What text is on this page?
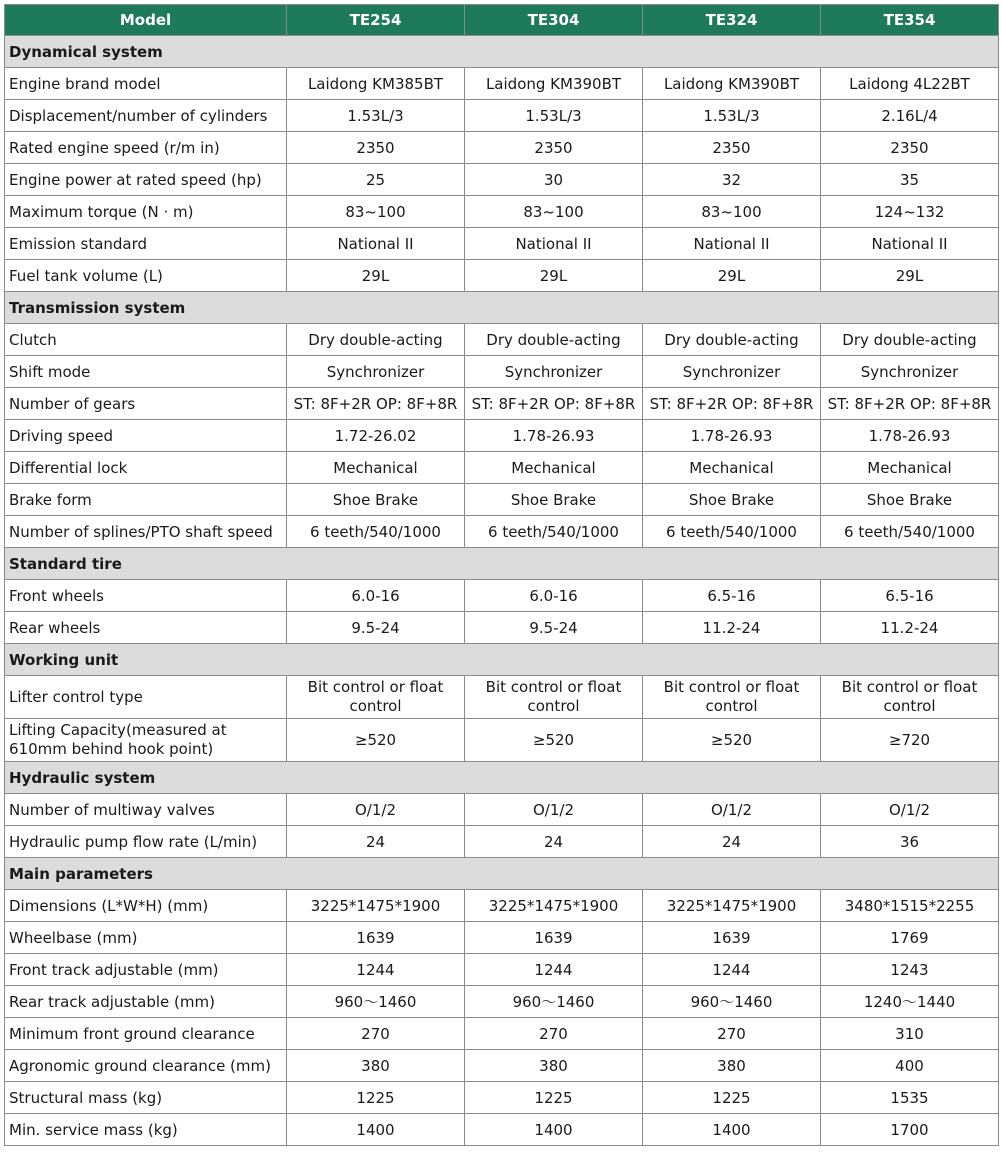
Model	TE254	TE304	TE324	TE354
Dynamical system				
Engine brand model	Laidong KM385BT	Laidong KM390BT	Laidong KM390BT	Laidong 4L22BT
Displacement/number of cylinders	1.53L/3	1.53L/3	1.53L/3	2.16L/4
Rated engine speed (r/m in)	2350	2350	2350	2350
Engine power at rated speed (hp)	25	30	32	35
Maximum torque (N · m)	83~100	83~100	83~100	124~132
Emission standard	National II	National II	National II	National II
Fuel tank volume (L)	29L	29L	29L	29L
Transmission system				
Clutch	Dry double-acting	Dry double-acting	Dry double-acting	Dry double-acting
Shift mode	Synchronizer	Synchronizer	Synchronizer	Synchronizer
Number of gears	ST: 8F+2R OP: 8F+8R	ST: 8F+2R OP: 8F+8R	ST: 8F+2R OP: 8F+8R	ST: 8F+2R OP: 8F+8R
Driving speed	1.72-26.02	1.78-26.93	1.78-26.93	1.78-26.93
Differential lock	Mechanical	Mechanical	Mechanical	Mechanical
Brake form	Shoe Brake	Shoe Brake	Shoe Brake	Shoe Brake
Number of splines/PTO shaft speed	6 teeth/540/1000	6 teeth/540/1000	6 teeth/540/1000	6 teeth/540/1000
Standard tire				
Front wheels	6.0-16	6.0-16	6.5-16	6.5-16
Rear wheels	9.5-24	9.5-24	11.2-24	11.2-24
Working unit				
Lifter control type	Bit control or float control	Bit control or float control	Bit control or float control	Bit control or float control
Lifting Capacity(measured at 610mm behind hook point)	≥520	≥520	≥520	≥720
Hydraulic system				
Number of multiway valves	O/1/2	O/1/2	O/1/2	O/1/2
Hydraulic pump flow rate (L/min)	24	24	24	36
Main parameters				
Dimensions (L*W*H) (mm)	3225*1475*1900	3225*1475*1900	3225*1475*1900	3480*1515*2255
Wheelbase (mm)	1639	1639	1639	1769
Front track adjustable (mm)	1244	1244	1244	1243
Rear track adjustable (mm)	960～1460	960～1460	960～1460	1240～1440
Minimum front ground clearance	270	270	270	310
Agronomic ground clearance (mm)	380	380	380	400
Structural mass (kg)	1225	1225	1225	1535
Min. service mass (kg)	1400	1400	1400	1700
